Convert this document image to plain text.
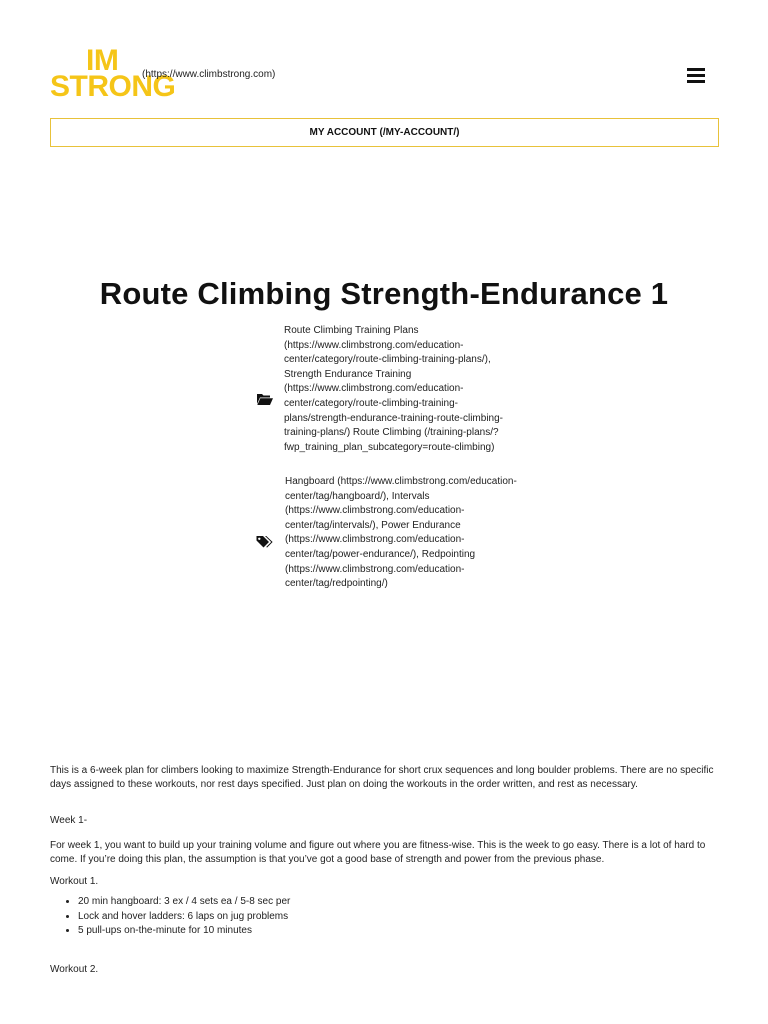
IM
STRONG
(https://www.climbstrong.com)
MY ACCOUNT (/MY-ACCOUNT/)
Route Climbing Strength-Endurance 1
Route Climbing Training Plans (https://www.climbstrong.com/education-center/category/route-climbing-training-plans/), Strength Endurance Training (https://www.climbstrong.com/education-center/category/route-climbing-training-plans/strength-endurance-training-route-climbing-training-plans/) Route Climbing (/training-plans/?fwp_training_plan_subcategory=route-climbing)
Hangboard (https://www.climbstrong.com/education-center/tag/hangboard/), Intervals (https://www.climbstrong.com/education-center/tag/intervals/), Power Endurance (https://www.climbstrong.com/education-center/tag/power-endurance/), Redpointing (https://www.climbstrong.com/education-center/tag/redpointing/)

This is a 6-week plan for climbers looking to maximize Strength-Endurance for short crux sequences and long boulder problems. There are no specific days assigned to these workouts, nor rest days specified. Just plan on doing the workouts in the order written, and rest as necessary.

Week 1-

For week 1, you want to build up your training volume and figure out where you are fitness-wise. This is the week to go easy. There is a lot of hard to come. If you’re doing this plan, the assumption is that you’ve got a good base of strength and power from the previous phase.

Workout 1.

• 20 min hangboard: 3 ex / 4 sets ea / 5-8 sec per
• Lock and hover ladders: 6 laps on jug problems
• 5 pull-ups on-the-minute for 10 minutes

Workout 2.
